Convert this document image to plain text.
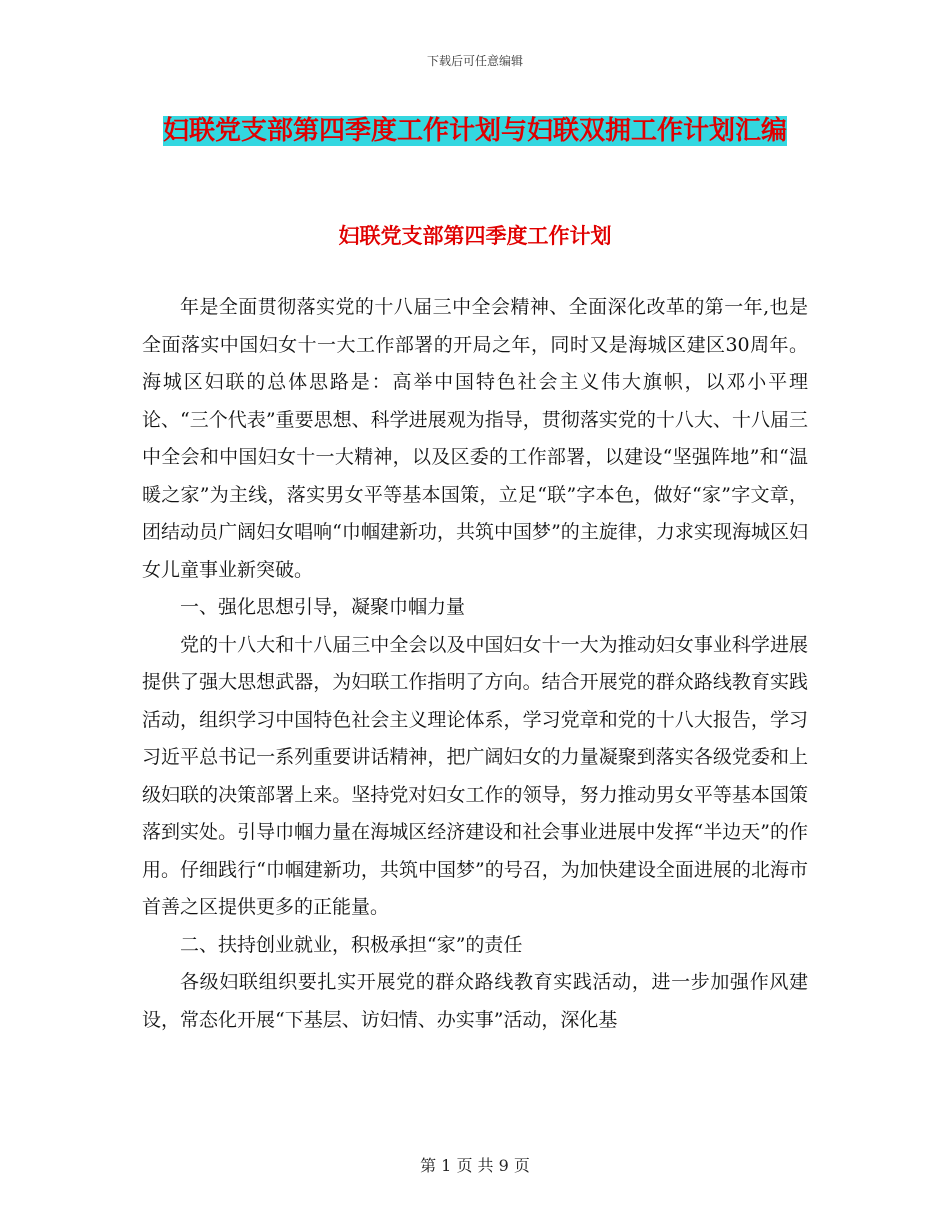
下载后可任意编辑
妇联党支部第四季度工作计划与妇联双拥工作计划汇编
妇联党支部第四季度工作计划

年是全面贯彻落实党的十八届三中全会精神、全面深化改革的第一年,也是全面落实中国妇女十一大工作部署的开局之年，同时又是海城区建区30周年。海城区妇联的总体思路是：高举中国特色社会主义伟大旗帜，以邓小平理论、“三个代表”重要思想、科学进展观为指导，贯彻落实党的十八大、十八届三中全会和中国妇女十一大精神，以及区委的工作部署，以建设“坚强阵地”和“温暖之家”为主线，落实男女平等基本国策，立足“联”字本色，做好“家”字文章，团结动员广阔妇女唱响“巾帼建新功，共筑中国梦”的主旋律，力求实现海城区妇女儿童事业新突破。

一、强化思想引导，凝聚巾帼力量

党的十八大和十八届三中全会以及中国妇女十一大为推动妇女事业科学进展提供了强大思想武器，为妇联工作指明了方向。结合开展党的群众路线教育实践活动，组织学习中国特色社会主义理论体系，学习党章和党的十八大报告，学习习近平总书记一系列重要讲话精神，把广阔妇女的力量凝聚到落实各级党委和上级妇联的决策部署上来。坚持党对妇女工作的领导，努力推动男女平等基本国策落到实处。引导巾帼力量在海城区经济建设和社会事业进展中发挥“半边天”的作用。仔细践行“巾帼建新功，共筑中国梦”的号召，为加快建设全面进展的北海市首善之区提供更多的正能量。

二、扶持创业就业，积极承担“家”的责任

各级妇联组织要扎实开展党的群众路线教育实践活动，进一步加强作风建设，常态化开展“下基层、访妇情、办实事”活动，深化基

第 1 页 共 9 页
